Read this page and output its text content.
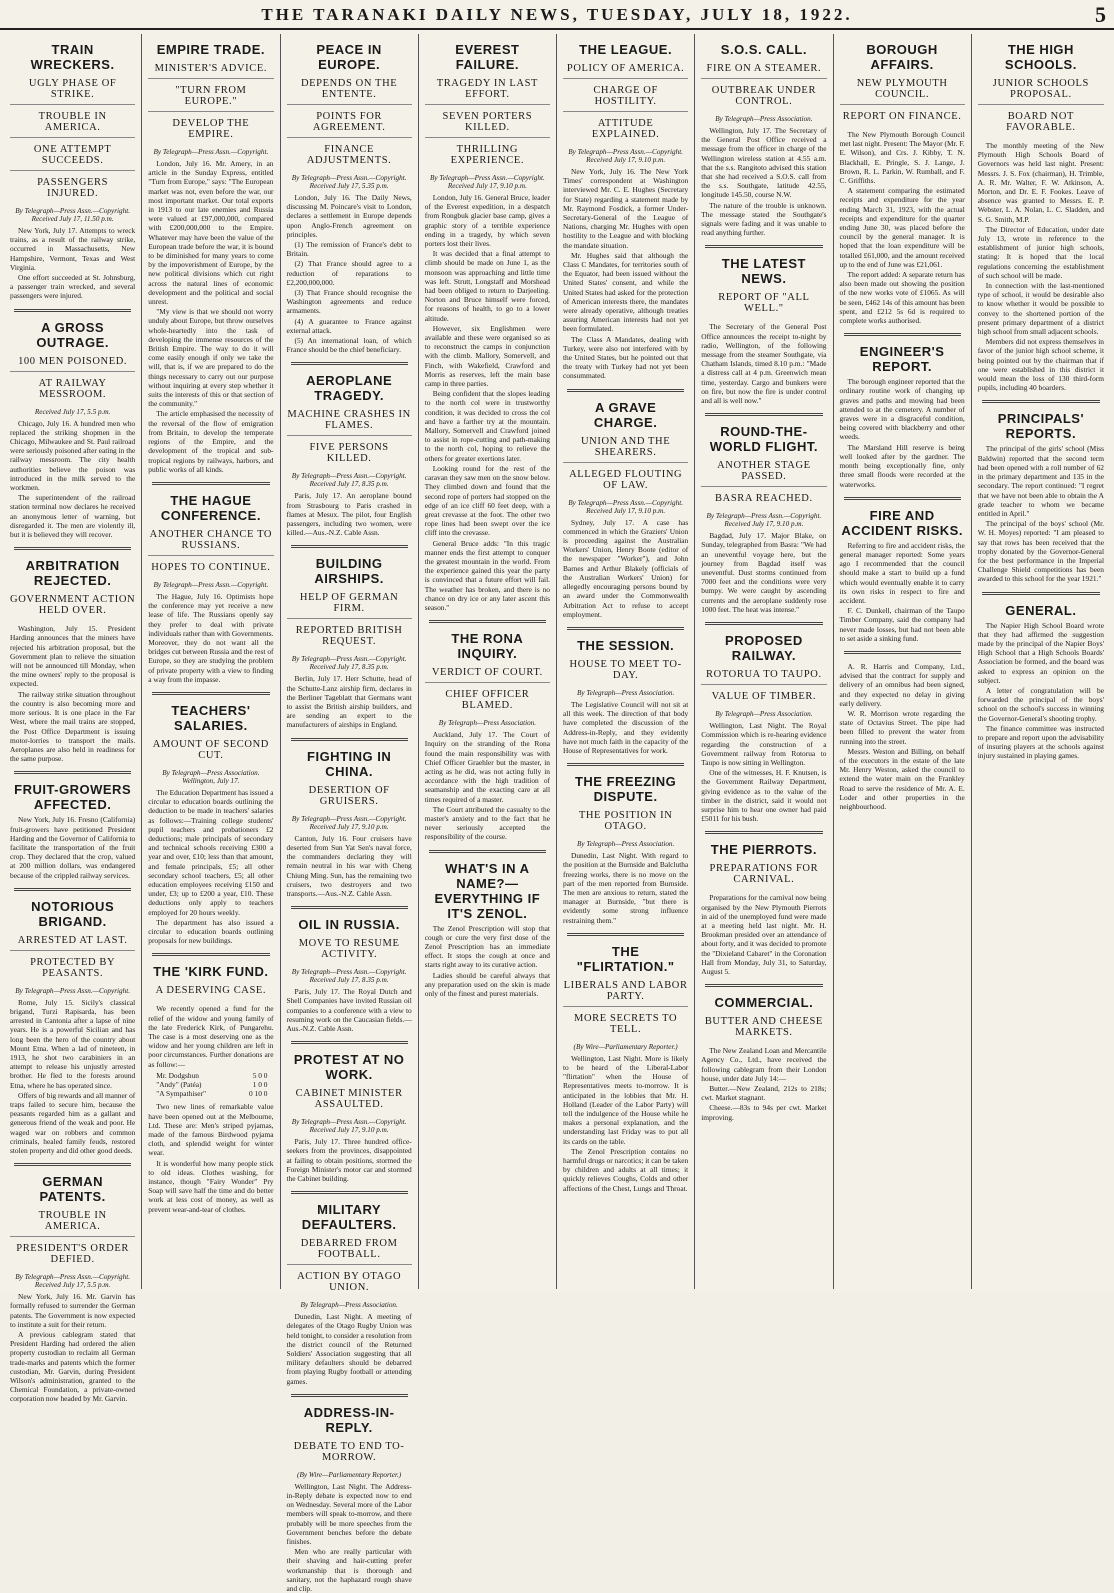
THE TARANAKI DAILY NEWS, TUESDAY, JULY 18, 1922.	5
TRAIN WRECKERS.
UGLY PHASE OF STRIKE.
TROUBLE IN AMERICA.
ONE ATTEMPT SUCCEEDS.
PASSENGERS INJURED.
By Telegraph—Press Assn.—Copyright. Received July 17, 11.50 p.m.

New York, July 17. Attempts to wreck trains, as a result of the railway strike, occurred in Massachusetts, New Hampshire, Vermont, Texas and West Virginia.

One effort succeeded at St. Johnsburg, a passenger train wrecked, and several passengers were injured.

A GROSS OUTRAGE.
100 MEN POISONED.
AT RAILWAY MESSROOM.
Received July 17, 5.5 p.m.

Chicago, July 16. A hundred men who replaced the striking shopmen in the Chicago, Milwaukee and St. Paul railroad were seriously poisoned after eating in the railway messroom. The city health authorities believe the poison was introduced in the milk served to the workmen.

The superintendent of the railroad station terminal now declares he received an anonymous letter of warning, but disregarded it. The men are violently ill, but it is believed they will recover.

ARBITRATION REJECTED.
GOVERNMENT ACTION HELD OVER.

Washington, July 15. President Harding announces that the miners have rejected his arbitration proposal, but the Government plan to relieve the situation will not be announced till Monday, when the mine owners' reply to the proposal is expected.

The railway strike situation throughout the country is also becoming more and more serious. It is one place in the Far West, where the mail trains are stopped, the Post Office Department is issuing motor-lorries to transport the mails. Aeroplanes are also held in readiness for the same purpose.

FRUIT-GROWERS AFFECTED.

New York, July 16. Fresno (California) fruit-growers have petitioned President Harding and the Governor of California to facilitate the transportation of the fruit crop. They declared that the crop, valued at 200 million dollars, was endangered because of the crippled railway services.

NOTORIOUS BRIGAND.
ARRESTED AT LAST.
PROTECTED BY PEASANTS.
By Telegraph—Press Assn.—Copyright.

Rome, July 15. Sicily's classical brigand, Turzi Rapisarda, has been arrested in Cantonia after a lapse of nine years. He is a powerful Sicilian and has long been the hero of the country about Mount Etna. When a lad of nineteen, in 1913, he shot two carabiniers in an attempt to release his unjustly arrested brother. He fled to the forests around Etna, where he has operated since.

Offers of big rewards and all manner of traps failed to secure him, because the peasants regarded him as a gallant and generous friend of the weak and poor. He waged war on robbers and common criminals, healed family feuds, restored stolen property and did other good deeds.

GERMAN PATENTS.
TROUBLE IN AMERICA.
PRESIDENT'S ORDER DEFIED.
By Telegraph—Press Assn.—Copyright. Received July 17, 5.5 p.m.

New York, July 16. Mr. Garvin has formally refused to surrender the German patents. The Government is now expected to institute a suit for their return.

A previous cablegram stated that President Harding had ordered the alien property custodian to reclaim all German trade-marks and patents which the former custodian, Mr. Garvin, during President Wilson's administration, granted to the Chemical Foundation, a private-owned corporation now headed by Mr. Garvin.

EMPIRE TRADE.
MINISTER'S ADVICE.
"TURN FROM EUROPE."
DEVELOP THE EMPIRE.
By Telegraph—Press Assn.—Copyright.

London, July 16. Mr. Amery, in an article in the Sunday Express, entitled "Turn from Europe," says: "The European market was not, even before the war, our most important market. Our total exports in 1913 to our late enemies and Russia were valued at £97,000,000, compared with £200,000,000 to the Empire. Whatever may have been the value of the European trade before the war, it is bound to be diminished for many years to come by the impoverishment of Europe, by the new political divisions which cut right across the natural lines of economic development and the political and social unrest.

"My view is that we should not worry unduly about Europe, but throw ourselves whole-heartedly into the task of developing the immense resources of the British Empire. The way to do it will come easily enough if only we take the will, that is, if we are prepared to do the things necessary to carry out our purpose without inquiring at every step whether it suits the interests of this or that section of the community."

The article emphasised the necessity of the reversal of the flow of emigration from Britain, to develop the temperate regions of the Empire, and the development of the tropical and sub-tropical regions by railways, harbors, and public works of all kinds.

THE HAGUE CONFERENCE.
ANOTHER CHANCE TO RUSSIANS.
HOPES TO CONTINUE.
By Telegraph—Press Assn.—Copyright.

The Hague, July 16. Optimists hope the conference may yet receive a new lease of life. The Russians openly say they prefer to deal with private individuals rather than with Governments. Moreover, they do not want all the bridges cut between Russia and the rest of Europe, so they are studying the problem of private property with a view to finding a way from the impasse.

TEACHERS' SALARIES.
AMOUNT OF SECOND CUT.
By Telegraph—Press Association. Wellington, July 17.

The Education Department has issued a circular to education boards outlining the deduction to be made in teachers' salaries as follows:—Training college students' pupil teachers and probationers £2 deductions; male principals of secondary and technical schools receiving £300 a year and over, £10; less than that amount, and female principals, £5; all other secondary school teachers, £5; all other education employees receiving £150 and under, £3; up to £200 a year, £10. These deductions only apply to teachers employed for 20 hours weekly.

The department has also issued a circular to education boards outlining proposals for new buildings.

THE 'KIRK FUND.
A DESERVING CASE.

We recently opened a fund for the relief of the widow and young family of the late Frederick Kirk, of Pungarehu. The case is a most deserving one as the widow and her young children are left in poor circumstances. Further donations are as follow:—

Mr. Dodgshun	5 0 0
"Andy" (Patéa)	1 0 0
"A Sympathiser"	0 10 0

Two new lines of remarkable value have been opened out at the Melbourne, Ltd. These are: Men's striped pyjamas, made of the famous Birdwood pyjama cloth, and splendid weight for winter wear.

It is wonderful how many people stick to old ideas. Clothes washing, for instance, though "Fairy Wonder" Pry Soap will save half the time and do better work at less cost of money, as well as prevent wear-and-tear of clothes.

PEACE IN EUROPE.
DEPENDS ON THE ENTENTE.
POINTS FOR AGREEMENT.
FINANCE ADJUSTMENTS.
By Telegraph—Press Assn.—Copyright. Received July 17, 5.35 p.m.

London, July 16. The Daily News, discussing M. Poincare's visit to London, declares a settlement in Europe depends upon Anglo-French agreement on principles.

(1) The remission of France's debt to Britain.

(2) That France should agree to a reduction of reparations to £2,200,000,000.

(3) That France should recognise the Washington agreements and reduce armaments.

(4) A guarantee to France against external attack.

(5) An international loan, of which France should be the chief beneficiary.

AEROPLANE TRAGEDY.
MACHINE CRASHES IN FLAMES.
FIVE PERSONS KILLED.
By Telegraph—Press Assn.—Copyright. Received July 17, 8.35 p.m.

Paris, July 17. An aeroplane bound from Strasbourg to Paris crashed in flames at Mesux. The pilot, four English passengers, including two women, were killed.—Aus.-N.Z. Cable Assn.

BUILDING AIRSHIPS.
HELP OF GERMAN FIRM.
REPORTED BRITISH REQUEST.
By Telegraph—Press Assn.—Copyright. Received July 17, 8.35 p.m.

Berlin, July 17. Herr Schutte, head of the Schutte-Lanz airship firm, declares in the Berliner Tageblatt that Germans want to assist the British airship builders, and are sending an expert to the manufacturers of airships in England.

FIGHTING IN CHINA.
DESERTION OF GRUISERS.
By Telegraph—Press Assn.—Copyright. Received July 17, 9.10 p.m.

Canton, July 16. Four cruisers have deserted from Sun Yat Sen's naval force, the commanders declaring they will remain neutral in his war with Cheng Chiung Ming. Sun, has the remaining two cruisers, two destroyers and two transports.—Aus.-N.Z. Cable Assn.

OIL IN RUSSIA.
MOVE TO RESUME ACTIVITY.
By Telegraph—Press Assn.—Copyright. Received July 17, 8.35 p.m.

Paris, July 17. The Royal Dutch and Shell Companies have invited Russian oil companies to a conference with a view to resuming work on the Caucasian fields.—Aus.-N.Z. Cable Assn.

PROTEST AT NO WORK.
CABINET MINISTER ASSAULTED.
By Telegraph—Press Assn.—Copyright. Received July 17, 9.10 p.m.

Paris, July 17. Three hundred office-seekers from the provinces, disappointed at failing to obtain positions, stormed the Foreign Minister's motor car and stormed the Cabinet building.

MILITARY DEFAULTERS.
DEBARRED FROM FOOTBALL.
ACTION BY OTAGO UNION.
By Telegraph—Press Association.

Dunedin, Last Night. A meeting of delegates of the Otago Rugby Union was held tonight, to consider a resolution from the district council of the Returned Soldiers' Association suggesting that all military defaulters should be debarred from playing Rugby football or attending games.

ADDRESS-IN-REPLY.
DEBATE TO END TO-MORROW.
(By Wire—Parliamentary Reporter.)

Wellington, Last Night. The Address-in-Reply debate is expected now to end on Wednesday. Several more of the Labor members will speak to-morrow, and there probably will be more speeches from the Government benches before the debate finishes.

Men who are really particular with their shaving and hair-cutting prefer workmanship that is thorough and sanitary, not the haphazard rough shave and clip.

EVEREST FAILURE.
TRAGEDY IN LAST EFFORT.
SEVEN PORTERS KILLED.
THRILLING EXPERIENCE.
By Telegraph—Press Assn.—Copyright. Received July 17, 9.10 p.m.

London, July 16. General Bruce, leader of the Everest expedition, in a despatch from Rongbuk glacier base camp, gives a graphic story of a terrible experience ending in a tragedy, by which seven porters lost their lives.

It was decided that a final attempt to climb should be made on June 1, as the monsoon was approaching and little time was left. Strutt, Longstaff and Morshead had been obliged to return to Darjeeling. Norton and Bruce himself were forced, for reasons of health, to go to a lower altitude.

However, six Englishmen were available and these were organised so as to reconstruct the camps in conjunction with the climb. Mallory, Somervell, and Finch, with Wakefield, Crawford and Morris as reserves, left the main base camp in three parties.

Being confident that the slopes leading to the north col were in trustworthy condition, it was decided to cross the col and have a farther try at the mountain. Mallory, Somervell and Crawford joined to assist in rope-cutting and path-making to the north col, hoping to relieve the others for greater exertions later.

Looking round for the rest of the caravan they saw men on the snow below. They climbed down and found that the second rope of porters had stopped on the edge of an ice cliff 60 feet deep, with a great crevasse at the foot. The other two rope lines had been swept over the ice cliff into the crevasse.

General Bruce adds: "In this tragic manner ends the first attempt to conquer the greatest mountain in the world. From the experience gained this year the party is convinced that a future effort will fail. The weather has broken, and there is no chance on dry ice or any later ascent this season."

THE RONA INQUIRY.
VERDICT OF COURT.
CHIEF OFFICER BLAMED.
By Telegraph—Press Association.

Auckland, July 17. The Court of Inquiry on the stranding of the Rona found the main responsibility was with Chief Officer Graehler but the master, in acting as he did, was not acting fully in accordance with the high tradition of seamanship and the exacting care at all times required of a master.

The Court attributed the casualty to the master's anxiety and to the fact that he never seriously accepted the responsibility of the course.

WHAT'S IN A NAME?—EVERYTHING IF IT'S ZENOL.

The Zenol Prescription will stop that cough or cure the very first dose of the Zenol Prescription has an immediate effect. It stops the cough at once and starts right away to its curative action.

Ladies should be careful always that any preparation used on the skin is made only of the finest and purest materials.

THE LEAGUE.
POLICY OF AMERICA.
CHARGE OF HOSTILITY.
ATTITUDE EXPLAINED.
By Telegraph—Press Assn.—Copyright. Received July 17, 9.10 p.m.

New York, July 16. The New York Times' correspondent at Washington interviewed Mr. C. E. Hughes (Secretary for State) regarding a statement made by Mr. Raymond Fosdick, a former Under-Secretary-General of the League of Nations, charging Mr. Hughes with open hostility to the League and with blocking the mandate situation.

Mr. Hughes said that although the Class C Mandates, for territories south of the Equator, had been issued without the United States' consent, and while the United States had asked for the protection of American interests there, the mandates were already operative, although treaties assuring American interests had not yet been formulated.

The Class A Mandates, dealing with Turkey, were also not interfered with by the United States, but he pointed out that the treaty with Turkey had not yet been consummated.

A GRAVE CHARGE.
UNION AND THE SHEARERS.
ALLEGED FLOUTING OF LAW.
By Telegraph—Press Assn.—Copyright. Received July 17, 9.10 p.m.

Sydney, July 17. A case has commenced in which the Graziers' Union is proceeding against the Australian Workers' Union, Henry Boote (editor of the newspaper "Worker"), and John Barnes and Arthur Blakely (officials of the Australian Workers' Union) for allegedly encouraging persons bound by an award under the Commonwealth Arbitration Act to refuse to accept employment.

THE SESSION.
HOUSE TO MEET TO-DAY.
By Telegraph—Press Association.

The Legislative Council will not sit at all this week. The direction of that body have completed the discussion of the Address-in-Reply, and they evidently have not much faith in the capacity of the House of Representatives for work.

THE FREEZING DISPUTE.
THE POSITION IN OTAGO.
By Telegraph—Press Association.

Dunedin, Last Night. With regard to the position at the Burnside and Balclutha freezing works, there is no move on the part of the men reported from Burnside. The men are anxious to return, stated the manager at Burnside, "but there is evidently some strong influence restraining them."

THE "FLIRTATION."
LIBERALS AND LABOR PARTY.
MORE SECRETS TO TELL.
(By Wire—Parliamentary Reporter.)

Wellington, Last Night. More is likely to be heard of the Liberal-Labor "flirtation" when the House of Representatives meets to-morrow. It is anticipated in the lobbies that Mr. H. Holland (Leader of the Labor Party) will tell the indulgence of the House while he makes a personal explanation, and the understanding last Friday was to put all its cards on the table.

The Zenol Prescription contains no harmful drugs or narcotics; it can be taken by children and adults at all times; it quickly relieves Coughs, Colds and other affections of the Chest, Lungs and Throat.

S.O.S. CALL.
FIRE ON A STEAMER.
OUTBREAK UNDER CONTROL.
By Telegraph—Press Association.

Wellington, July 17. The Secretary of the General Post Office received a message from the officer in charge of the Wellington wireless station at 4.55 a.m. that the s.s. Rangitoto advised this station that she had received a S.O.S. call from the s.s. Southgate, latitude 42.55, longitude 145.50, course N.W.

The nature of the trouble is unknown. The message stated the Southgate's signals were fading and it was unable to read anything further.

THE LATEST NEWS.
REPORT OF "ALL WELL."

The Secretary of the General Post Office announces the receipt to-night by radio, Wellington, of the following message from the steamer Southgate, via Chatham Islands, timed 8.10 p.m.: "Made a distress call at 4 p.m. Greenwich mean time, yesterday. Cargo and bunkers were on fire, but now the fire is under control and all is well now."

ROUND-THE-WORLD FLIGHT.
ANOTHER STAGE PASSED.
BASRA REACHED.
By Telegraph—Press Assn.—Copyright. Received July 17, 9.10 p.m.

Bagdad, July 17. Major Blake, on Sunday, telegraphed from Basra: "We had an uneventful voyage here, but the journey from Bagdad itself was uneventful. Dust storms continued from 7000 feet and the conditions were very bumpy. We were caught by ascending currents and the aeroplane suddenly rose 1000 feet. The heat was intense."

PROPOSED RAILWAY.
ROTORUA TO TAUPO.
VALUE OF TIMBER.
By Telegraph—Press Association.

Wellington, Last Night. The Royal Commission which is re-hearing evidence regarding the construction of a Government railway from Rotorua to Taupo is now sitting in Wellington.

One of the witnesses, H. F. Knutsen, is the Government Railway Department, giving evidence as to the value of the timber in the district, said it would not surprise him to hear one owner had paid £5011 for his bush.

THE PIERROTS.
PREPARATIONS FOR CARNIVAL.

Preparations for the carnival now being organised by the New Plymouth Pierrots in aid of the unemployed fund were made at a meeting held last night. Mr. H. Brookman presided over an attendance of about forty, and it was decided to promote the "Dixieland Cabaret" in the Coronation Hall from Monday, July 31, to Saturday, August 5.

COMMERCIAL.
BUTTER AND CHEESE MARKETS.

The New Zealand Loan and Mercantile Agency Co., Ltd., have received the following cablegram from their London house, under date July 14:—

Butter.—New Zealand, 212s to 218s; cwt. Market stagnant.

Cheese.—83s to 94s per cwt. Market improving.

BOROUGH AFFAIRS.
NEW PLYMOUTH COUNCIL.
REPORT ON FINANCE.

The New Plymouth Borough Council met last night. Present: The Mayor (Mr. F. E. Wilson), and Crs. J. Kibby, T. N. Blackhall, E. Pringle, S. J. Lange, J. Brown, R. L. Parkin, W. Rumball, and F. C. Griffiths.

A statement comparing the estimated receipts and expenditure for the year ending March 31, 1923, with the actual receipts and expenditure for the quarter ending June 30, was placed before the council by the general manager. It is hoped that the loan expenditure will be totalled £61,000, and the amount received up to the end of June was £21,061.

The report added: A separate return has also been made out showing the position of the new works vote of £1065. As will be seen, £462 14s of this amount has been spent, and £212 5s 6d is required to complete works authorised.

ENGINEER'S REPORT.

The borough engineer reported that the ordinary routine work of changing up graves and paths and mowing had been attended to at the cemetery. A number of graves were in a disgraceful condition, being covered with blackberry and other weeds.

The Marsland Hill reserve is being well looked after by the gardner. The month being exceptionally fine, only three small floods were recorded at the waterworks.

FIRE AND ACCIDENT RISKS.

Referring to fire and accident risks, the general manager reported: Some years ago I recommended that the council should make a start to build up a fund which would eventually enable it to carry its own risks in respect to fire and accident.

F. C. Dunkell, chairman of the Taupo Timber Company, said the company had never made losses, but had not been able to set aside a sinking fund.

A. R. Harris and Company, Ltd., advised that the contract for supply and delivery of an omnibus had been signed, and they expected no delay in giving early delivery.

W. R. Morrison wrote regarding the state of Octavius Street. The pipe had been filled to prevent the water from running into the street.

Messrs. Weston and Billing, on behalf of the executors in the estate of the late Mr. Henry Weston, asked the council to extend the water main on the Frankley Road to serve the residence of Mr. A. E. Loder and other properties in the neighbourhood.

THE HIGH SCHOOLS.
JUNIOR SCHOOLS PROPOSAL.
BOARD NOT FAVORABLE.

The monthly meeting of the New Plymouth High Schools Board of Governors was held last night. Present: Messrs. J. S. Fox (chairman), H. Trimble, A. R. Mr. Walter, F. W. Atkinson, A. Morton, and Dr. E. F. Fookes. Leave of absence was granted to Messrs. E. P. Webster, L. A. Nolan, L. C. Sladden, and S. G. Smith, M.P.

The Director of Education, under date July 13, wrote in reference to the establishment of junior high schools, stating: It is hoped that the local regulations concerning the establishment of such school will be made.

In connection with the last-mentioned type of school, it would be desirable also to know whether it would be possible to convey to the shortened portion of the present primary department of a district high school from small adjacent schools.

Members did not express themselves in favor of the junior high school scheme, it being pointed out by the chairman that if one were established in this district it would mean the loss of 130 third-form pupils, including 40 boarders.

PRINCIPALS' REPORTS.

The principal of the girls' school (Miss Baldwin) reported that the second term had been opened with a roll number of 62 in the primary department and 135 in the secondary. The report continued: "I regret that we have not been able to obtain the A grade teacher to whom we became entitled in April."

The principal of the boys' school (Mr. W. H. Moyes) reported: "I am pleased to say that rows has been received that the trophy donated by the Governor-General for the best performance in the Imperial Challenge Shield competitions has been awarded to this school for the year 1921."

GENERAL.

The Napier High School Board wrote that they had affirmed the suggestion made by the principal of the Napier Boys' High School that a High Schools Boards' Association be formed, and the board was asked to express an opinion on the subject.

A letter of congratulation will be forwarded the principal of the boys' school on the school's success in winning the Governor-General's shooting trophy.

The finance committee was instructed to prepare and report upon the advisability of insuring players at the schools against injury sustained in playing games.
